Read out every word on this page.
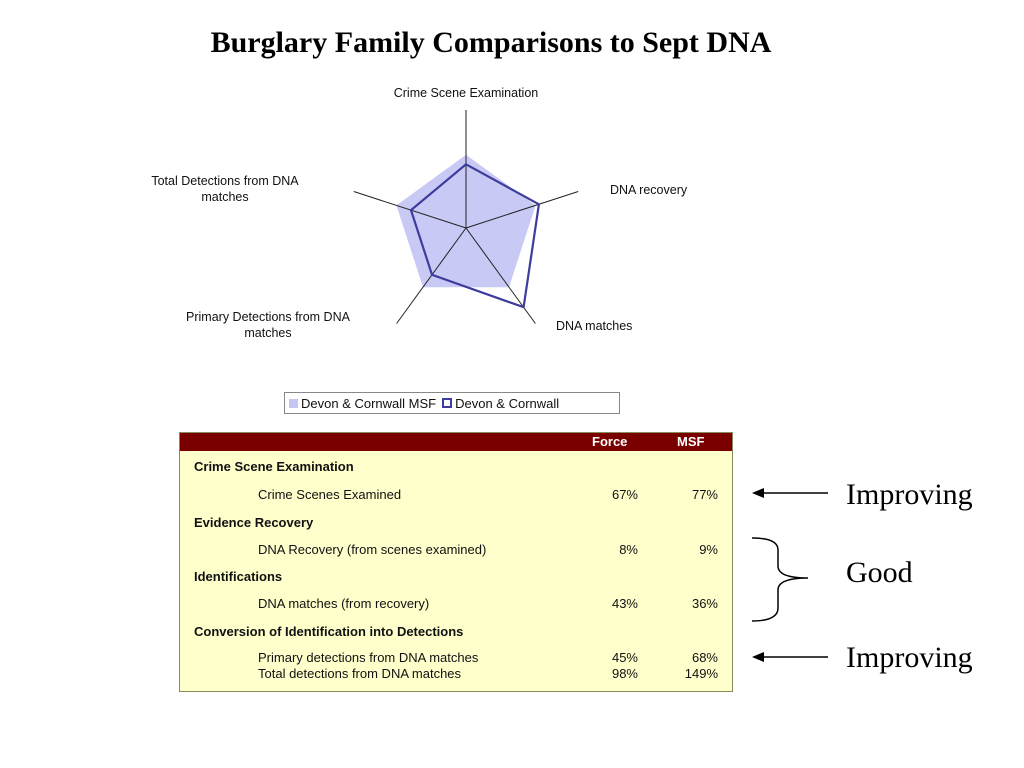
Burglary Family Comparisons to Sept DNA
Crime Scene Examination
DNA recovery
DNA matches
Primary Detections from DNA
matches
Total Detections from DNA
matches
Devon & Cornwall MSF Devon & Cornwall
Force	MSF
Crime Scene Examination
Crime Scenes Examined	67%	77%
Evidence Recovery
DNA Recovery (from scenes examined)	8%	9%
Identifications
DNA matches (from recovery)	43%	36%
Conversion of Identification into Detections
Primary detections from DNA matches	45%	68%
Total detections from DNA matches	98%	149%
Improving
Good
Improving
